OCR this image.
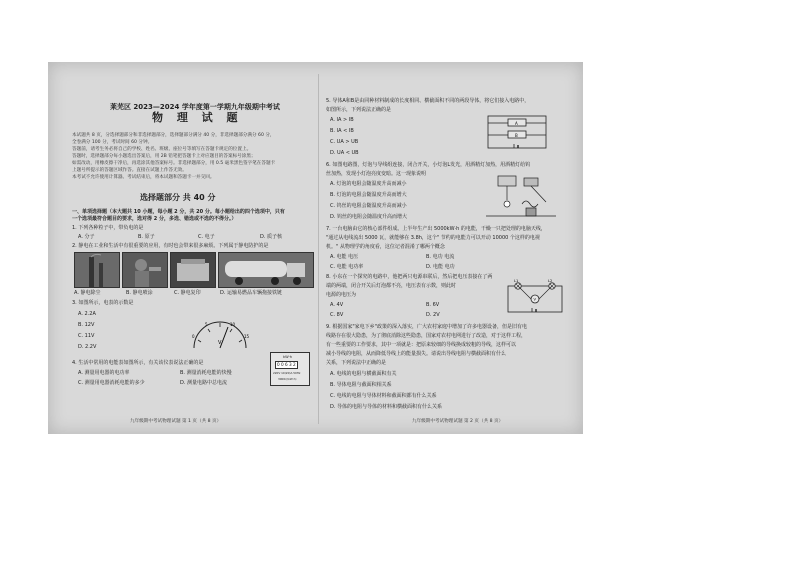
莱芜区 2023—2024 学年度第一学期九年级期中考试
物 理 试 题
本试题共 8 页，分选择题部分和非选择题部分，选择题部分满分 40 分，非选择题部分满分 60 分，
全卷满分 100 分，考试时间 60 分钟。
答题前，请考生务必将自己的学校、姓名、班级、座位号等填写在答题卡规定的位置上。
答题时，选择题部分每小题选出答案后，用 2B 铅笔把答题卡上对应题目的答案标号涂黑；
如需改动，用橡皮擦干净后，再选涂其他答案标号。非选择题部分，用 0.5 毫米黑色签字笔在答题卡
上题号所提示的答题区域作答。直接在试题上作答无效。
本考试不允许使用计算器。考试结束后，将本试题和答题卡一并交回。
选择题部分 共 40 分
一、单项选择题（本大题共 10 小题，每小题 2 分，共 20 分。每小题给出的四个选项中，只有
一个选项最符合题目的要求，选对得 2 分，多选、错选或不选的不得分。）
1. 下列各种粒子中，带负电的是
A. 分子	B. 原子	C. 电子	D. 质子核
2. 静电在工业和生活中有很重要的应用，有时也会带来很多麻烦。下列属于静电防护的是
A. 静电除尘	B. 静电喷涂	C. 静电复印	D. 运输易燃品车辆拖接铁链
3. 如图所示，电表的示数是
A. 2.2A
B. 12V
C. 11V
D. 2.2V
0
5	10
15
V
4. 生活中常用的电能表如图所示，有关该仪表说法正确的是
A. 测量用电器的电功率	B. 测量消耗电能的快慢
C. 测量用电器消耗电能的多少	D. 测量电路中总电流
kW·h
0 0 6 3 2
220V 10(20)A 50Hz
3000r/(kW·h)
九年级期中考试物理试题 第 1 页（共 8 页）
5. 导体A和B是由同种材料制成的长度相同、横截面积不同的两段导体，将它们接入电路中，
如图所示，下列说法正确的是
A. IA > IB
B. IA < IB
C. UA > UB
D. UA < UB
A
B
6. 如图电路图，灯泡与导线组连接，闭合开关，小灯泡L发光，用酒精灯加热，用酒精灯给钨
丝加热，发现小灯泡亮度变暗。这一现象说明
A. 灯泡的电阻会随温度升高而减小
B. 灯泡的电阻会随温度升高而增大
C. 钨丝的电阻会随温度升高而减小
D. 钨丝的电阻会随温度升高而增大
7. 一台电脑由它的核心部件组成。上半年生产出 5000kW·h 的电能，干燥一只把处理的电脑天线，
"通过从电线流出 5000 瓦，就能够在 3.8h，这个" 节约的电能力可以开动 10000 个这样的电视
机。" 从物理学的角度看，这位记者混淆了哪两个概念
A. 电能 电压	B. 电功 电流
C. 电能 电功率	D. 电能 电功
8. 小东在一个探究的电路中，他把两只电源串联后，然后把电压表接在了两
端的两端，闭合开关后灯泡都不亮，电压表有示数，则此时
电源的电压为
A. 4V	B. 6V
C. 8V	D. 2V
L1	L2
V
9. 根据国家"家电下乡"政策的深入落实，广大农村家庭中增加了许多电器设备，但是旧有电
线路存在很大隐患，为了彻底消除这些隐患，国家对农村电网进行了改造，对于这样工程，
有一些重要的工作要求，其中一项就是：把原来较细的导线换成较粗的导线，这样可以
减小导线的电阻，从而降低导线上的能量损失。请说出导线电阻与横截面积有什么
关系，下列说法中正确的是
A. 电线的电阻与横截面积有关
B. 导体电阻与截面积相关系
C. 电线的电阻与导体材料和截面积都有什么关系
D. 导体的电阻与导体的材料和横截面积有什么关系
九年级期中考试物理试题 第 2 页（共 8 页）
